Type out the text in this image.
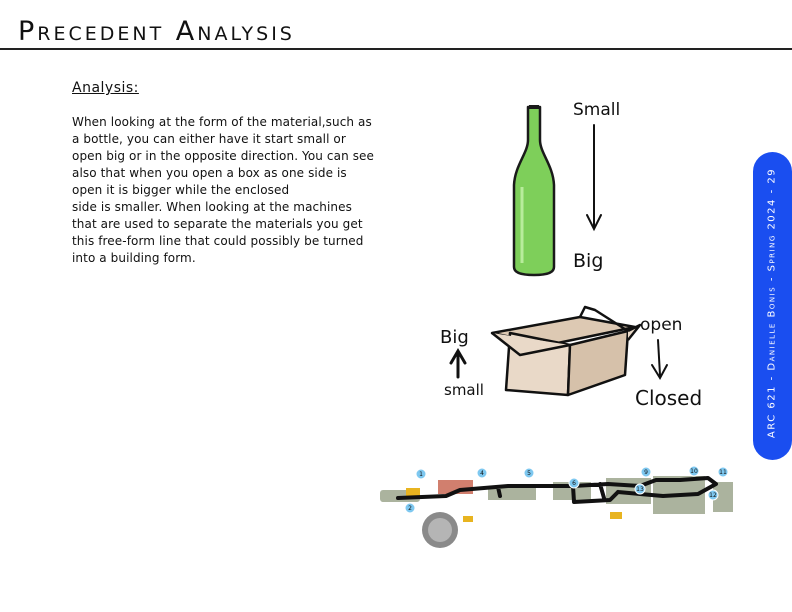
Precedent Analysis
Analysis:
When looking at the form of the material,such as
a bottle, you can either have it start small or
open big or in the opposite direction. You can see
also that when you open a box as one side is
open it is bigger while the enclosed
side is smaller. When looking at the machines
that are used to separate the materials you get
this free-form line that could possibly be turned
into a building form.
Small
Big
Big
small
open
Closed
1
2
4	5
6
9	10	11
12
13
ARC 621 - Danielle Bonis - Spring 2024 - 29
